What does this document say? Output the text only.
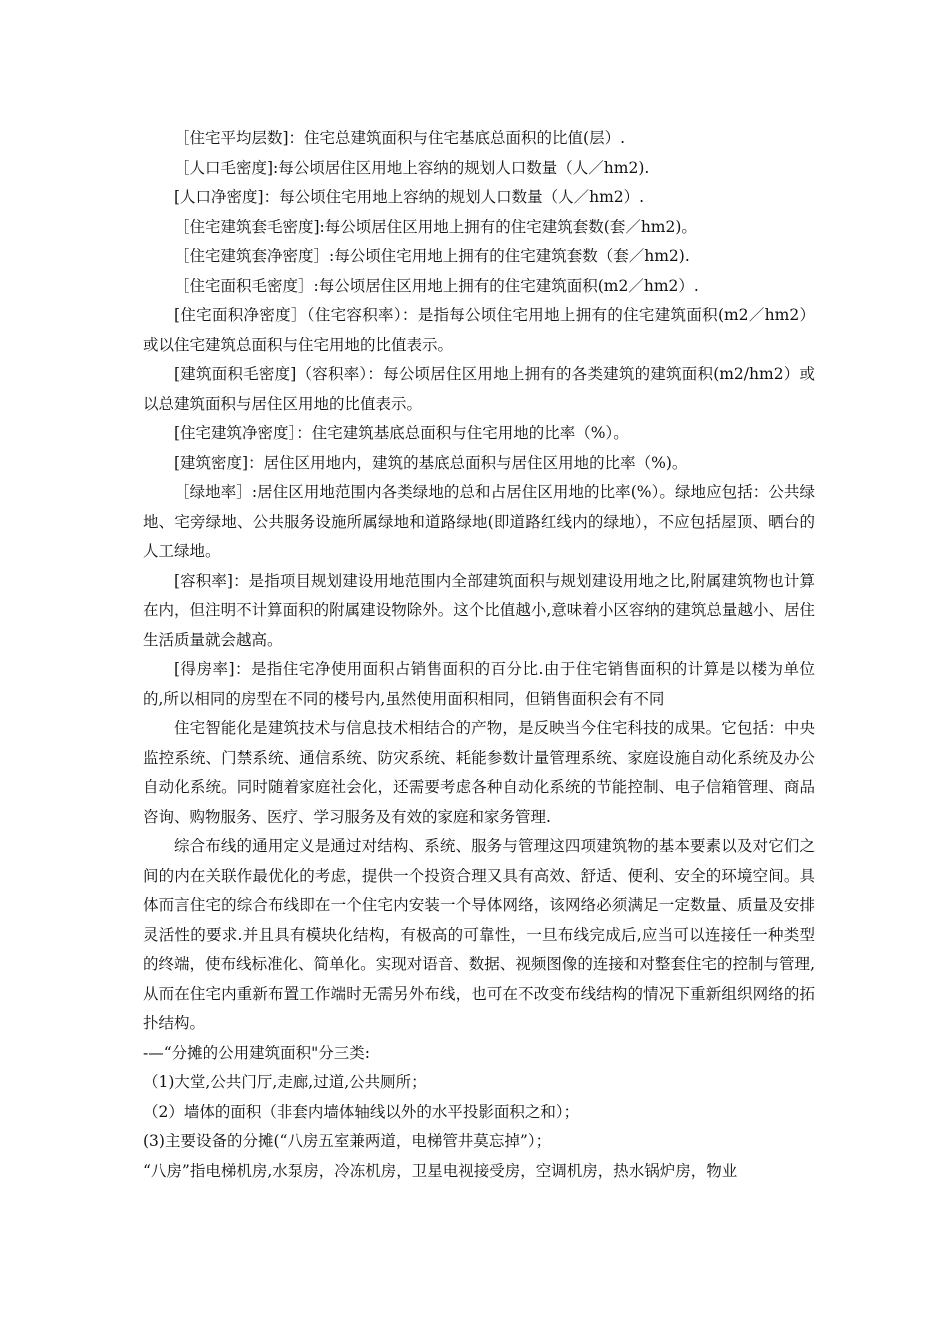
［住宅平均层数]：住宅总建筑面积与住宅基底总面积的比值(层）.

［人口毛密度]:每公顷居住区用地上容纳的规划人口数量（人／hm2).

[人口净密度]：每公顷住宅用地上容纳的规划人口数量（人／hm2）.

［住宅建筑套毛密度]:每公顷居住区用地上拥有的住宅建筑套数(套／hm2)。

［住宅建筑套净密度］:每公顷住宅用地上拥有的住宅建筑套数（套／hm2).

［住宅面积毛密度］:每公顷居住区用地上拥有的住宅建筑面积(m2／hm2）.

[住宅面积净密度］（住宅容积率）：是指每公顷住宅用地上拥有的住宅建筑面积(m2／hm2）或以住宅建筑总面积与住宅用地的比值表示。

[建筑面积毛密度]（容积率）：每公顷居住区用地上拥有的各类建筑的建筑面积(m2/hm2）或以总建筑面积与居住区用地的比值表示。

[住宅建筑净密度］：住宅建筑基底总面积与住宅用地的比率（%）。

[建筑密度]：居住区用地内，建筑的基底总面积与居住区用地的比率（%)。

［绿地率］:居住区用地范围内各类绿地的总和占居住区用地的比率(%）。绿地应包括：公共绿地、宅旁绿地、公共服务设施所属绿地和道路绿地(即道路红线内的绿地），不应包括屋顶、晒台的人工绿地。

[容积率]：是指项目规划建设用地范围内全部建筑面积与规划建设用地之比,附属建筑物也计算在内，但注明不计算面积的附属建设物除外。这个比值越小,意味着小区容纳的建筑总量越小、居住生活质量就会越高。

[得房率]：是指住宅净使用面积占销售面积的百分比.由于住宅销售面积的计算是以楼为单位的,所以相同的房型在不同的楼号内,虽然使用面积相同，但销售面积会有不同

住宅智能化是建筑技术与信息技术相结合的产物，是反映当今住宅科技的成果。它包括：中央监控系统、门禁系统、通信系统、防灾系统、耗能参数计量管理系统、家庭设施自动化系统及办公自动化系统。同时随着家庭社会化，还需要考虑各种自动化系统的节能控制、电子信箱管理、商品咨询、购物服务、医疗、学习服务及有效的家庭和家务管理.

综合布线的通用定义是通过对结构、系统、服务与管理这四项建筑物的基本要素以及对它们之间的内在关联作最优化的考虑，提供一个投资合理又具有高效、舒适、便利、安全的环境空间。具体而言住宅的综合布线即在一个住宅内安装一个导体网络，该网络必须满足一定数量、质量及安排灵活性的要求.并且具有模块化结构，有极高的可靠性，一旦布线完成后,应当可以连接任一种类型的终端，使布线标准化、简单化。实现对语音、数据、视频图像的连接和对整套住宅的控制与管理,从而在住宅内重新布置工作端时无需另外布线，也可在不改变布线结构的情况下重新组织网络的拓扑结构。

-—“分摊的公用建筑面积"分三类:

（1)大堂,公共门厅,走廊,过道,公共厕所；

（2）墙体的面积（非套内墙体轴线以外的水平投影面积之和）；

(3)主要设备的分摊(“八房五室兼两道，电梯管井莫忘掉”）；

“八房”指电梯机房,水泵房，冷冻机房，卫星电视接受房，空调机房，热水锅炉房，物业
